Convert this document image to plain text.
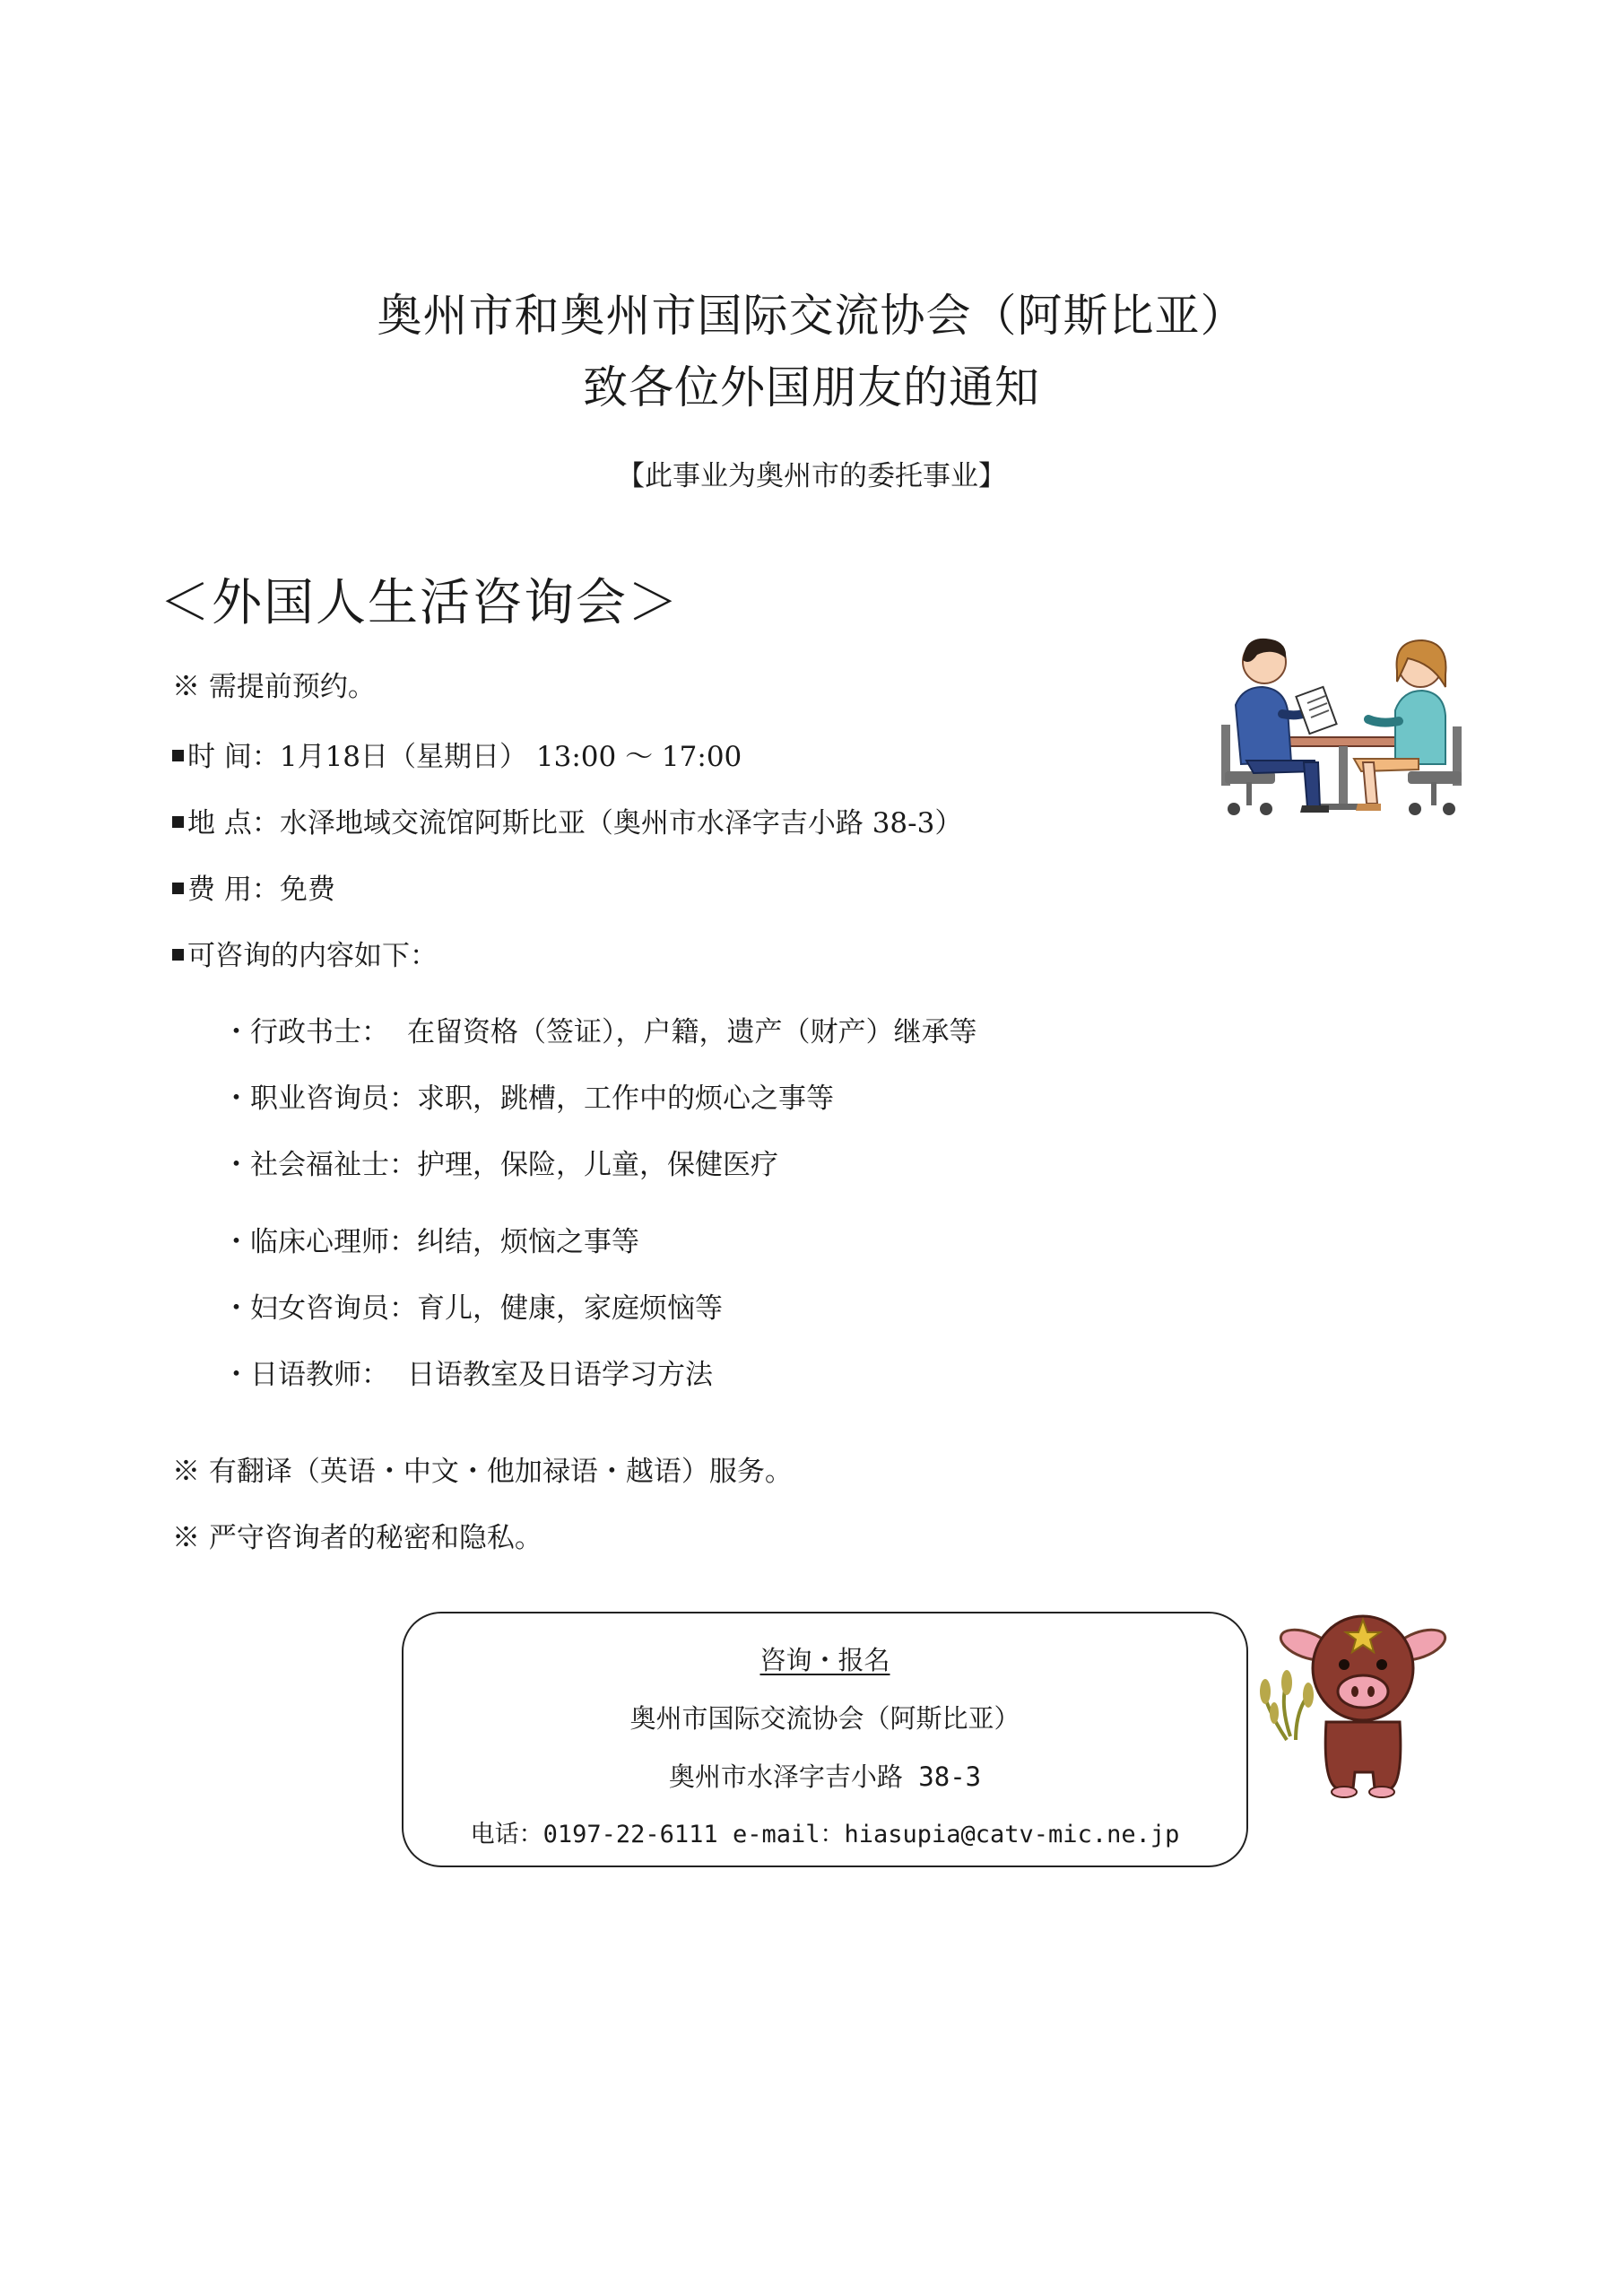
奥州市和奥州市国际交流协会（阿斯比亚）
致各位外国朋友的通知
【此事业为奥州市的委托事业】
＜外国人生活咨询会＞
※ 需提前预约。
时 间：1月18日（星期日） 13:00 ～ 17:00
地 点：水泽地域交流馆阿斯比亚（奥州市水泽字吉小路 38-3）
费 用：免费
可咨询的内容如下：
・行政书士： 在留资格（签证），户籍，遗产（财产）继承等
・职业咨询员：求职，跳槽，工作中的烦心之事等
・社会福祉士：护理，保险，儿童，保健医疗
・临床心理师：纠结，烦恼之事等
・妇女咨询员：育儿，健康，家庭烦恼等
・日语教师： 日语教室及日语学习方法
※ 有翻译（英语・中文・他加禄语・越语）服务。
※ 严守咨询者的秘密和隐私。
咨询・报名
奥州市国际交流协会（阿斯比亚）
奥州市水泽字吉小路 38-3
电话：0197-22-6111 e-mail：hiasupia@catv-mic.ne.jp
